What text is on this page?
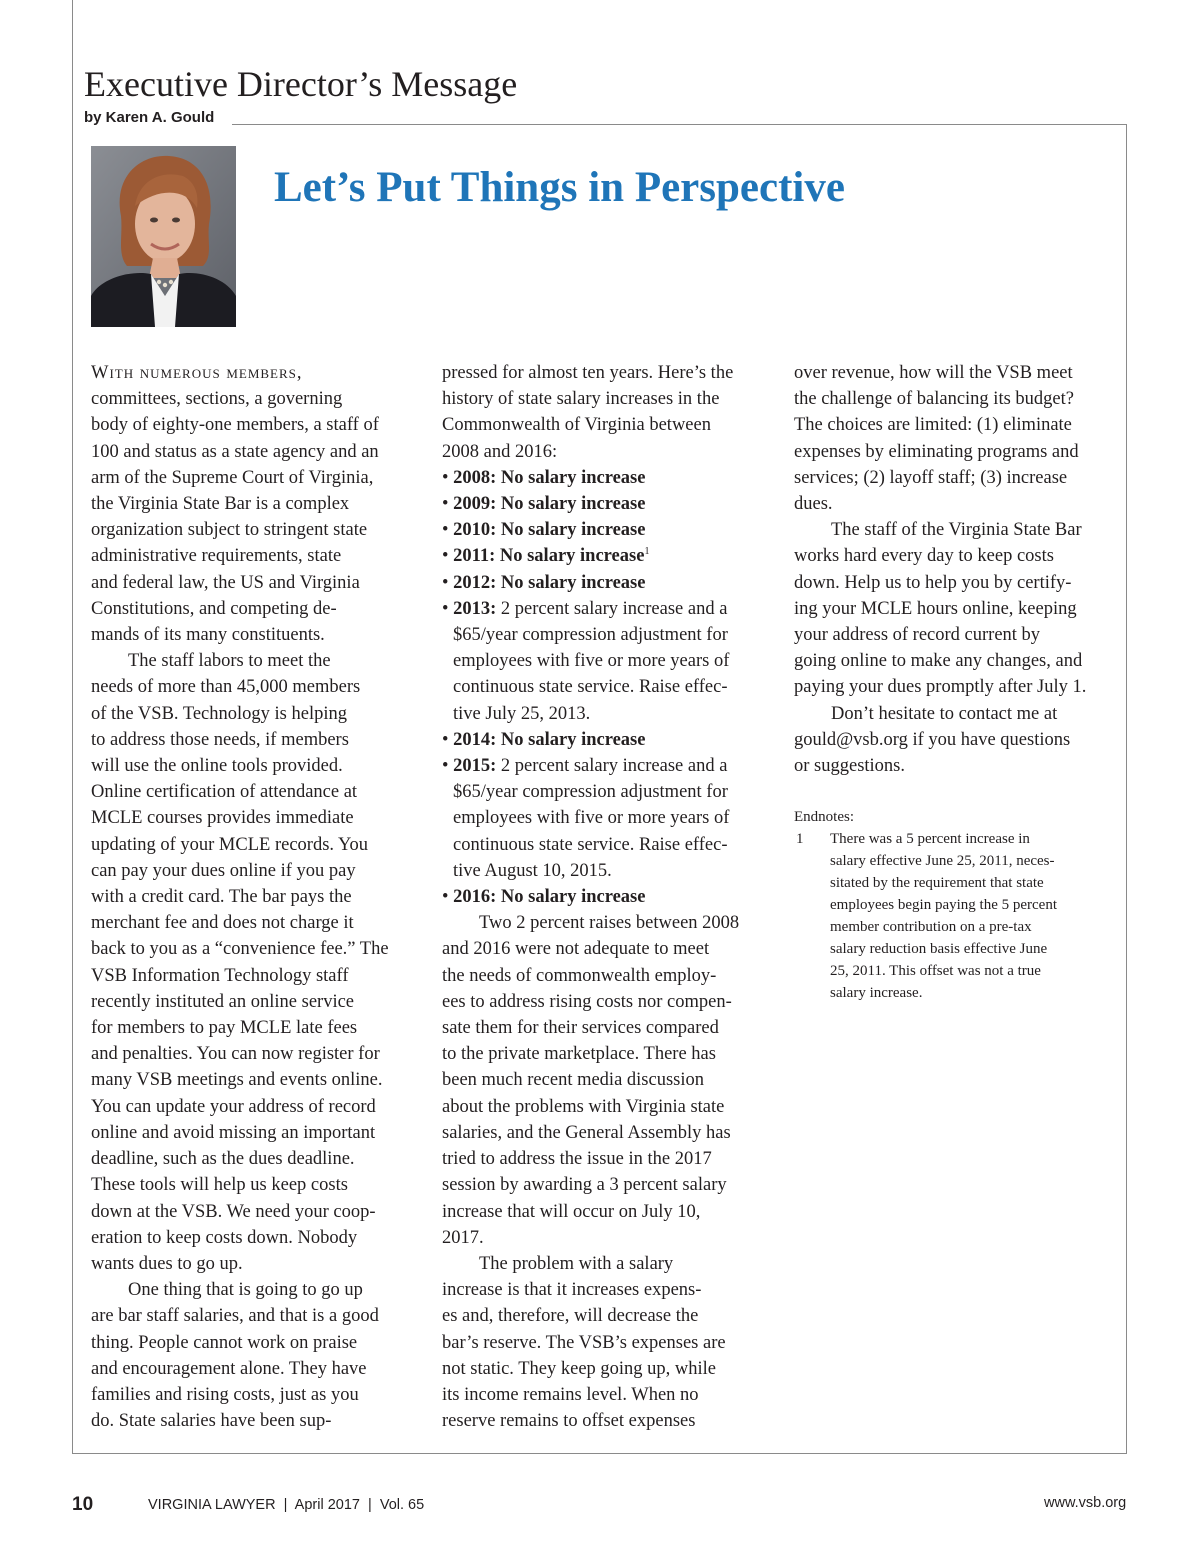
Executive Director’s Message
by Karen A. Gould
Let’s Put Things in Perspective

With numerous members,
committees, sections, a governing
body of eighty-one members, a staff of
100 and status as a state agency and an
arm of the Supreme Court of Virginia,
the Virginia State Bar is a complex
organization subject to stringent state
administrative requirements, state
and federal law, the US and Virginia
Constitutions, and competing de-
mands of its many constituents.

The staff labors to meet the
needs of more than 45,000 members
of the VSB. Technology is helping
to address those needs, if members
will use the online tools provided.
Online certification of attendance at
MCLE courses provides immediate
updating of your MCLE records. You
can pay your dues online if you pay
with a credit card. The bar pays the
merchant fee and does not charge it
back to you as a “convenience fee.” The
VSB Information Technology staff
recently instituted an online service
for members to pay MCLE late fees
and penalties. You can now register for
many VSB meetings and events online.
You can update your address of record
online and avoid missing an important
deadline, such as the dues deadline.
These tools will help us keep costs
down at the VSB. We need your coop-
eration to keep costs down. Nobody
wants dues to go up.

One thing that is going to go up
are bar staff salaries, and that is a good
thing. People cannot work on praise
and encouragement alone. They have
families and rising costs, just as you
do. State salaries have been sup-

pressed for almost ten years. Here’s the
history of state salary increases in the
Commonwealth of Virginia between
2008 and 2016:

• 2008: No salary increase
• 2009: No salary increase
• 2010: No salary increase
• 2011: No salary increase$^1$
• 2012: No salary increase
• 2013: 2 percent salary increase and a
$65/year compression adjustment for
employees with five or more years of
continuous state service. Raise effec-
tive July 25, 2013.
• 2014: No salary increase
• 2015: 2 percent salary increase and a
$65/year compression adjustment for
employees with five or more years of
continuous state service. Raise effec-
tive August 10, 2015.
• 2016: No salary increase

Two 2 percent raises between 2008
and 2016 were not adequate to meet
the needs of commonwealth employ-
ees to address rising costs nor compen-
sate them for their services compared
to the private marketplace. There has
been much recent media discussion
about the problems with Virginia state
salaries, and the General Assembly has
tried to address the issue in the 2017
session by awarding a 3 percent salary
increase that will occur on July 10,
2017.

The problem with a salary
increase is that it increases expens-
es and, therefore, will decrease the
bar’s reserve. The VSB’s expenses are
not static. They keep going up, while
its income remains level. When no
reserve remains to offset expenses

over revenue, how will the VSB meet
the challenge of balancing its budget?
The choices are limited: (1) eliminate
expenses by eliminating programs and
services; (2) layoff staff; (3) increase
dues.

The staff of the Virginia State Bar
works hard every day to keep costs
down. Help us to help you by certify-
ing your MCLE hours online, keeping
your address of record current by
going online to make any changes, and
paying your dues promptly after July 1.

Don’t hesitate to contact me at
gould@vsb.org if you have questions
or suggestions.

Endnotes:
1 There was a 5 percent increase in
salary effective June 25, 2011, neces-
sitated by the requirement that state
employees begin paying the 5 percent
member contribution on a pre-tax
salary reduction basis effective June
25, 2011. This offset was not a true
salary increase.
10	VIRGINIA LAWYER  |  April 2017  |  Vol. 65	www.vsb.org
